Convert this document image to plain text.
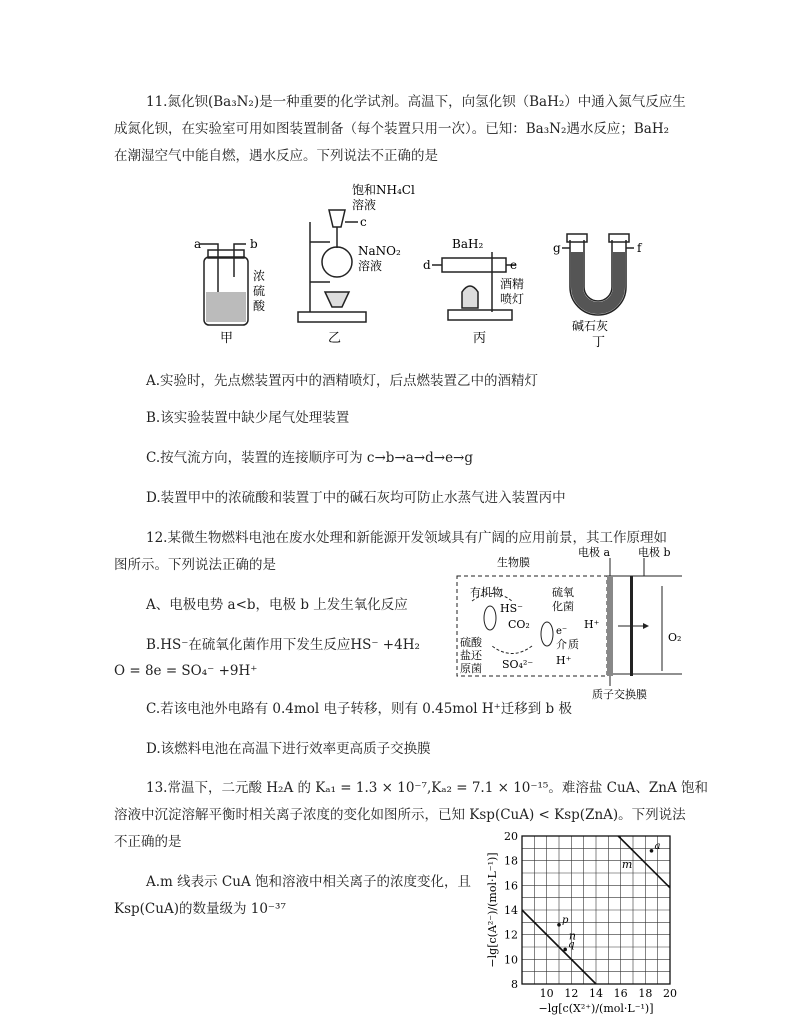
11.氮化钡(Ba₃N₂)是一种重要的化学试剂。高温下，向氢化钡（BaH₂）中通入氮气反应生
成氮化钡，在实验室可用如图装置制备（每个装置只用一次）。已知：Ba₃N₂遇水反应；BaH₂
在潮湿空气中能自燃，遇水反应。下列说法不正确的是
a	b
浓
硫
酸
甲
饱和NH₄Cl
溶液
c
NaNO₂
溶液
乙
BaH₂
d	e
酒精
喷灯
丙
g	f
碱石灰
丁
A.实验时，先点燃装置丙中的酒精喷灯，后点燃装置乙中的酒精灯
B.该实验装置中缺少尾气处理装置
C.按气流方向，装置的连接顺序可为 c→b→a→d→e→g
D.装置甲中的浓硫酸和装置丁中的碱石灰均可防止水蒸气进入装置丙中
12.某微生物燃料电池在废水处理和新能源开发领域具有广阔的应用前景，其工作原理如
图所示。下列说法正确的是
A、电极电势 a<b，电极 b 上发生氧化反应
B.HS⁻在硫氧化菌作用下发生反应HS⁻ +4H₂
O = 8e = SO₄⁻ +9H⁺
生物膜
电极 a	电极 b
有机物
HS⁻
CO₂
硫氧
化菌
硫酸
盐还
原菌 SO₄²⁻
e⁻
介 质
H⁺
H⁺
O₂
质子交换膜
C.若该电池外电路有 0.4mol 电子转移，则有 0.45mol H⁺迁移到 b 极
D.该燃料电池在高温下进行效率更高质子交换膜
13.常温下，二元酸 H₂A 的 Kₐ₁ = 1.3 × 10⁻⁷,Kₐ₂ = 7.1 × 10⁻¹⁵。难溶盐 CuA、ZnA 饱和
溶液中沉淀溶解平衡时相关离子浓度的变化如图所示，已知 Ksp(CuA) < Ksp(ZnA)。下列说法
不正确的是
A.m 线表示 CuA 饱和溶液中相关离子的浓度变化，且
Ksp(CuA)的数量级为 10⁻³⁷
10 12 14 16 18 20
8
10
12
14
16
18
20
−lg[c(X²⁺)/(mol·L⁻¹)]
−lg[c(A²⁻)/(mol·L⁻¹)]	m
n
a
p
q
